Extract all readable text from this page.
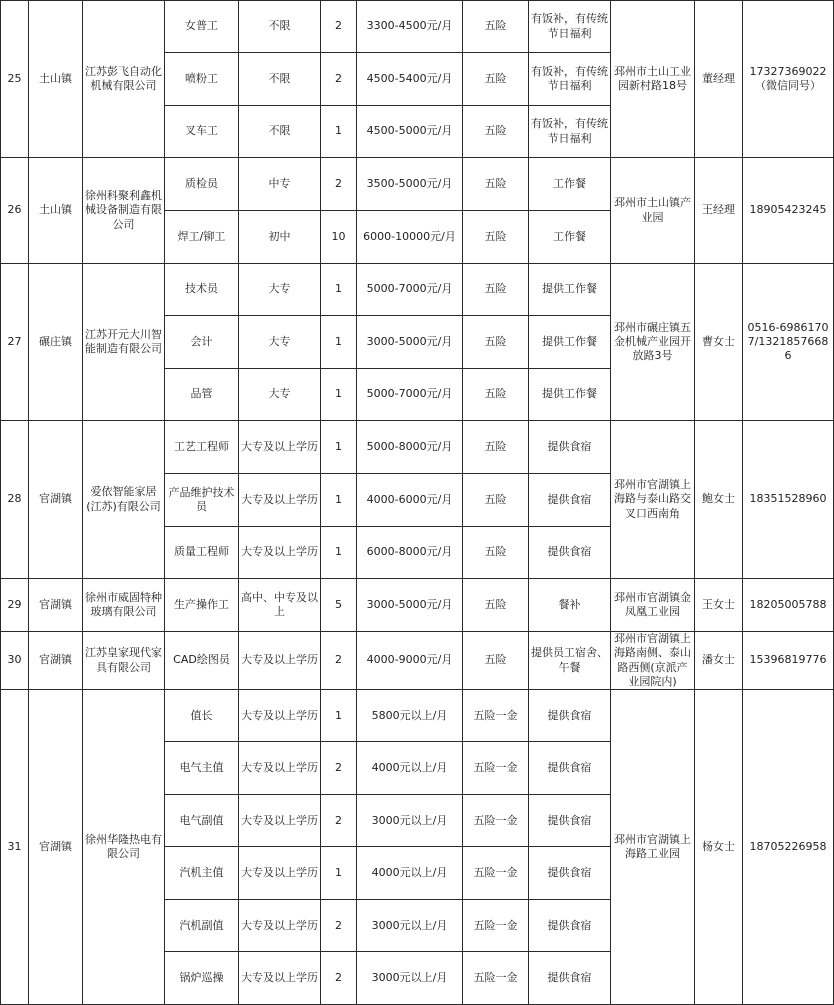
25	土山镇	江苏彭飞自动化机械有限公司	女普工	不限	2	3300-4500元/月	五险	有饭补，有传统节日福利	邳州市土山工业园新村路18号	董经理	17327369022（微信同号）
			喷粉工	不限	2	4500-5400元/月	五险	有饭补，有传统节日福利			
			叉车工	不限	1	4500-5000元/月	五险	有饭补，有传统节日福利			
26	土山镇	徐州科聚利鑫机械设备制造有限公司	质检员	中专	2	3500-5000元/月	五险	工作餐	邳州市土山镇产业园	王经理	18905423245
			焊工/铆工	初中	10	6000-10000元/月	五险	工作餐			
27	碾庄镇	江苏开元大川智能制造有限公司	技术员	大专	1	5000-7000元/月	五险	提供工作餐	邳州市碾庄镇五金机械产业园开放路3号	曹女士	0516-69861707/13218576686
			会计	大专	1	3000-5000元/月	五险	提供工作餐			
			品管	大专	1	5000-7000元/月	五险	提供工作餐			
28	官湖镇	爱依智能家居(江苏)有限公司	工艺工程师	大专及以上学历	1	5000-8000元/月	五险	提供食宿	邳州市官湖镇上海路与泰山路交叉口西南角	鲍女士	18351528960
			产品维护技术员	大专及以上学历	1	4000-6000元/月	五险	提供食宿			
			质量工程师	大专及以上学历	1	6000-8000元/月	五险	提供食宿			
29	官湖镇	徐州市威固特种玻璃有限公司	生产操作工	高中、中专及以上	5	3000-5000元/月	五险	餐补	邳州市官湖镇金凤凰工业园	王女士	18205005788
30	官湖镇	江苏皇家现代家具有限公司	CAD绘图员	大专及以上学历	2	4000-9000元/月	五险	提供员工宿舍、午餐	邳州市官湖镇上海路南侧、泰山路西侧(京派产业园院内)	潘女士	15396819776
31	官湖镇	徐州华隆热电有限公司	值长	大专及以上学历	1	5800元以上/月	五险一金	提供食宿	邳州市官湖镇上海路工业园	杨女士	18705226958
			电气主值	大专及以上学历	2	4000元以上/月	五险一金	提供食宿			
			电气副值	大专及以上学历	2	3000元以上/月	五险一金	提供食宿			
			汽机主值	大专及以上学历	1	4000元以上/月	五险一金	提供食宿			
			汽机副值	大专及以上学历	2	3000元以上/月	五险一金	提供食宿			
			锅炉巡操	大专及以上学历	2	3000元以上/月	五险一金	提供食宿			
